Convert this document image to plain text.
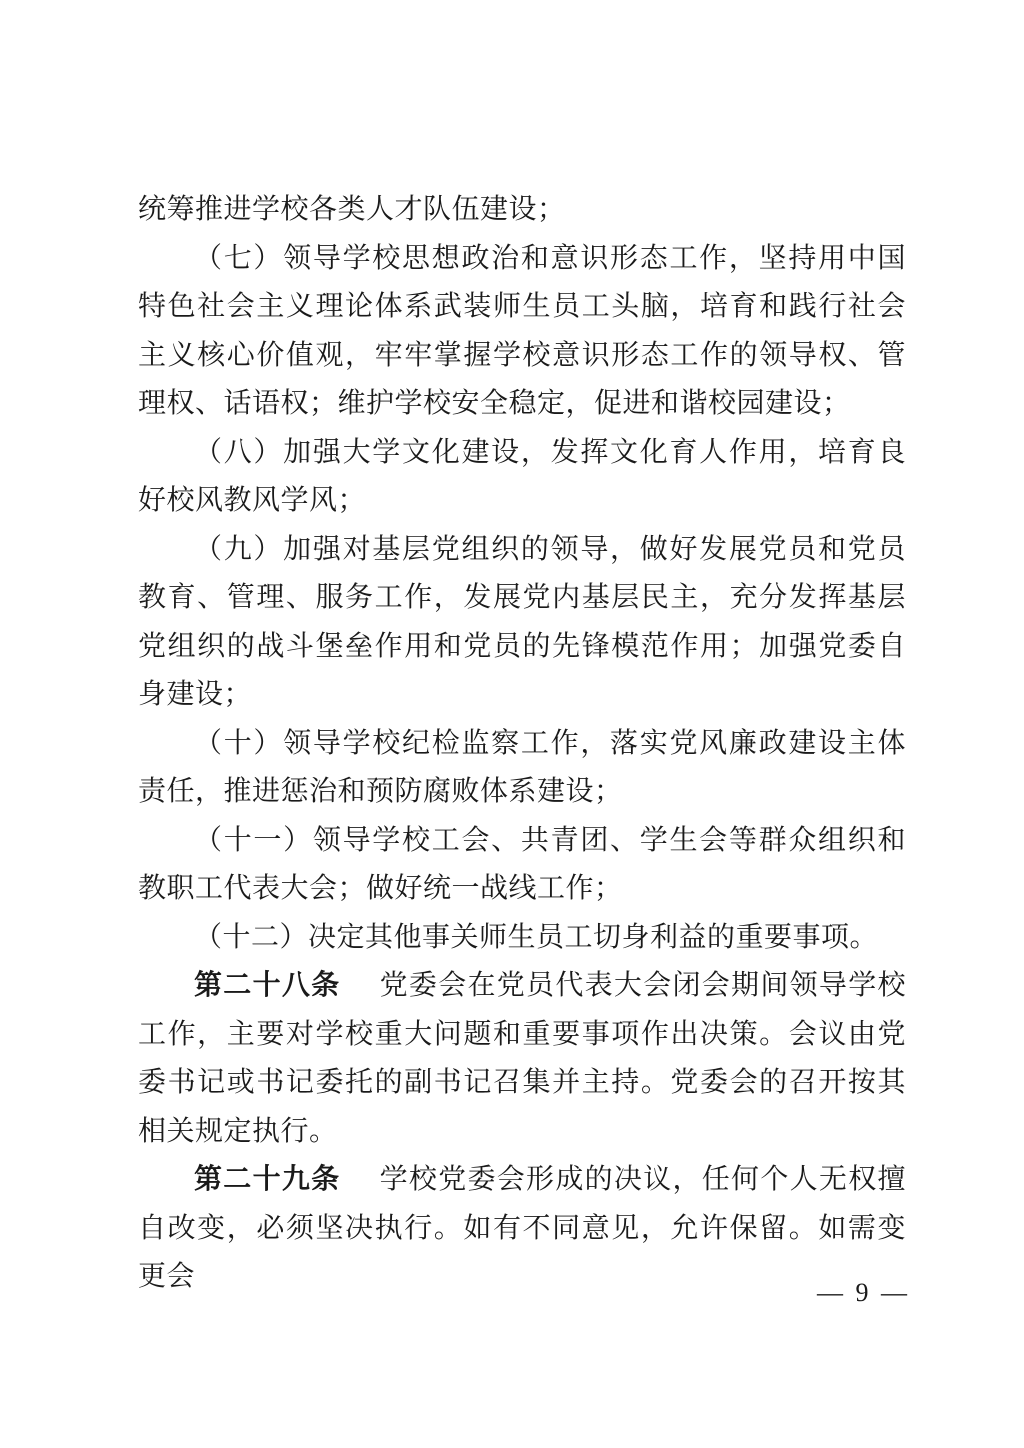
统筹推进学校各类人才队伍建设；

（七）领导学校思想政治和意识形态工作，坚持用中国特色社会主义理论体系武装师生员工头脑，培育和践行社会主义核心价值观，牢牢掌握学校意识形态工作的领导权、管理权、话语权；维护学校安全稳定，促进和谐校园建设；

（八）加强大学文化建设，发挥文化育人作用，培育良好校风教风学风；

（九）加强对基层党组织的领导，做好发展党员和党员教育、管理、服务工作，发展党内基层民主，充分发挥基层党组织的战斗堡垒作用和党员的先锋模范作用；加强党委自身建设；

（十）领导学校纪检监察工作，落实党风廉政建设主体责任，推进惩治和预防腐败体系建设；

（十一）领导学校工会、共青团、学生会等群众组织和教职工代表大会；做好统一战线工作；

（十二）决定其他事关师生员工切身利益的重要事项。

第二十八条 党委会在党员代表大会闭会期间领导学校工作，主要对学校重大问题和重要事项作出决策。会议由党委书记或书记委托的副书记召集并主持。党委会的召开按其相关规定执行。

第二十九条 学校党委会形成的决议，任何个人无权擅自改变，必须坚决执行。如有不同意见，允许保留。如需变更会

— 9 —
